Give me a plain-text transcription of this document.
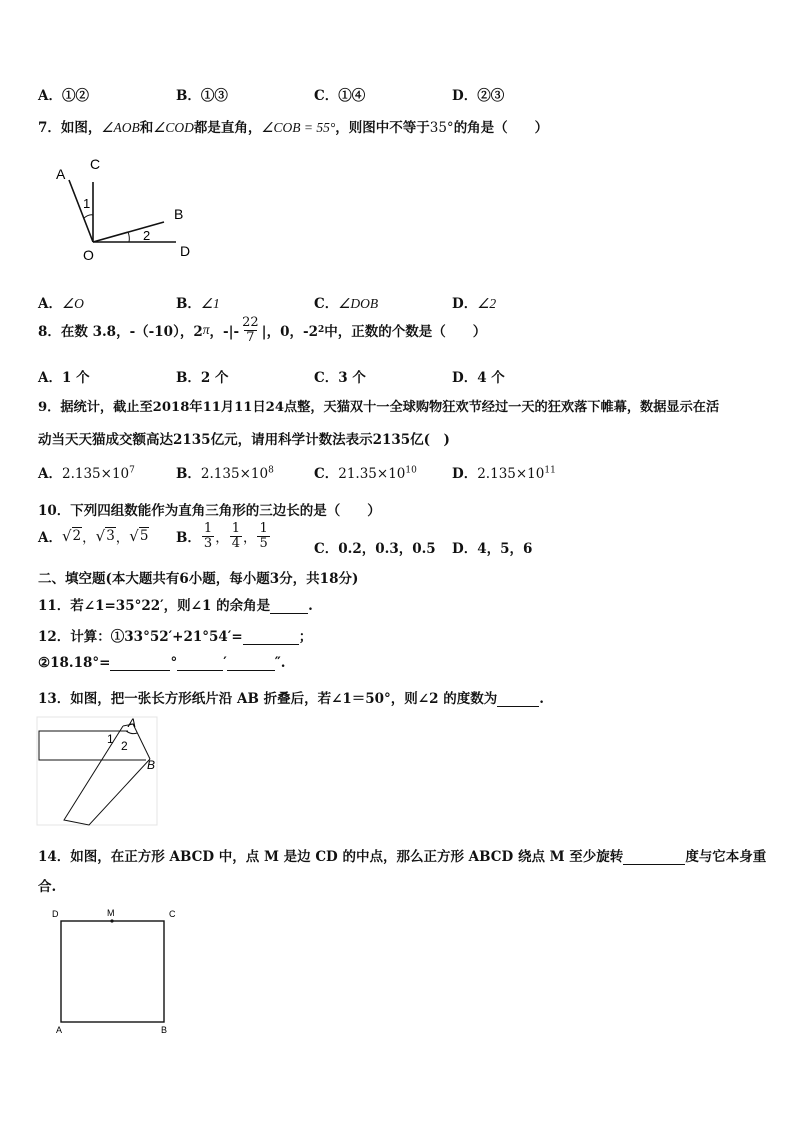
A．①②	B．①③	C．①④	D．②③
7．如图，∠AOB和∠COD都是直角，∠COB = 55°，则图中不等于35°的角是（　　）
A
C
B
D
O
1
2
A．∠O	B．∠1	C．∠DOB	D．∠2
8．在数 3.8，-（-10），2 π ，-|- $\frac{22}{7}$ |，0，-2 2 中，正数的个数是（　　）
A．1 个	B．2 个	C．3 个	D．4 个
9．据统计，截止至2018年11月11日24点整，天猫双十一全球购物狂欢节经过一天的狂欢落下帷幕，数据显示在活
动当天天猫成交额高达2135亿元，请用科学计数法表示2135亿(　)
A．$2.135\times 10^7$	B．$2.135\times 10^8$	C．$21.35\times 10^{10}$	D．$2.135\times 10^{11}$
10．下列四组数能作为直角三角形的三边长的是（　　）
A． √ 2 ， √ 3 ， √ 5 B． $\frac{1}{3}$ ， $\frac{1}{4}$ ， $\frac{1}{5}$	C．0.2，0.3，0.5 D．4，5，6
二、填空题(本大题共有6小题，每小题3分，共18分)
11．若∠1=35°22′，则∠1 的余角是	.
12．计算：①33°52′+21°54′=	；
②18.18°=	°	′	″.
13．如图，把一张长方形纸片沿 AB 折叠后，若∠1＝50°，则∠2 的度数为	.
A
B
1 2
14．如图，在正方形 ABCD 中，点 M 是边 CD 的中点，那么正方形 ABCD 绕点 M 至少旋转	度与它本身重
合.
D	M	C
A	B
